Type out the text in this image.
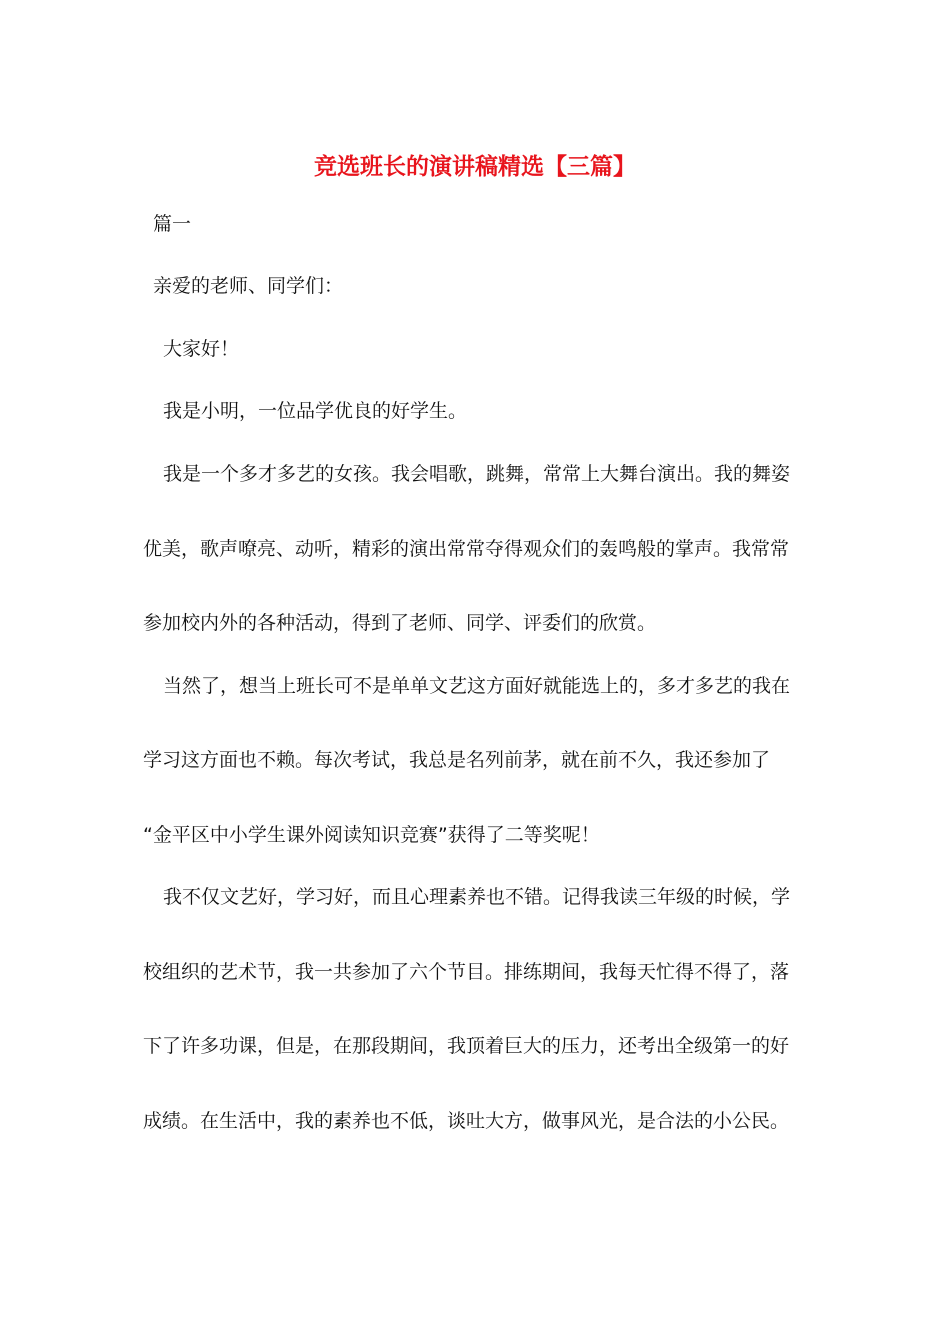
竞选班长的演讲稿精选【三篇】
篇一
亲爱的老师、同学们：
大家好！
我是小明，一位品学优良的好学生。
我是一个多才多艺的女孩。我会唱歌，跳舞，常常上大舞台演出。我的舞姿
优美，歌声嘹亮、动听，精彩的演出常常夺得观众们的轰鸣般的掌声。我常常
参加校内外的各种活动，得到了老师、同学、评委们的欣赏。
当然了，想当上班长可不是单单文艺这方面好就能选上的，多才多艺的我在
学习这方面也不赖。每次考试，我总是名列前茅，就在前不久，我还参加了
“金平区中小学生课外阅读知识竞赛”获得了二等奖呢！
我不仅文艺好，学习好，而且心理素养也不错。记得我读三年级的时候，学
校组织的艺术节，我一共参加了六个节目。排练期间，我每天忙得不得了，落
下了许多功课，但是，在那段期间，我顶着巨大的压力，还考出全级第一的好
成绩。在生活中，我的素养也不低，谈吐大方，做事风光，是合法的小公民。
